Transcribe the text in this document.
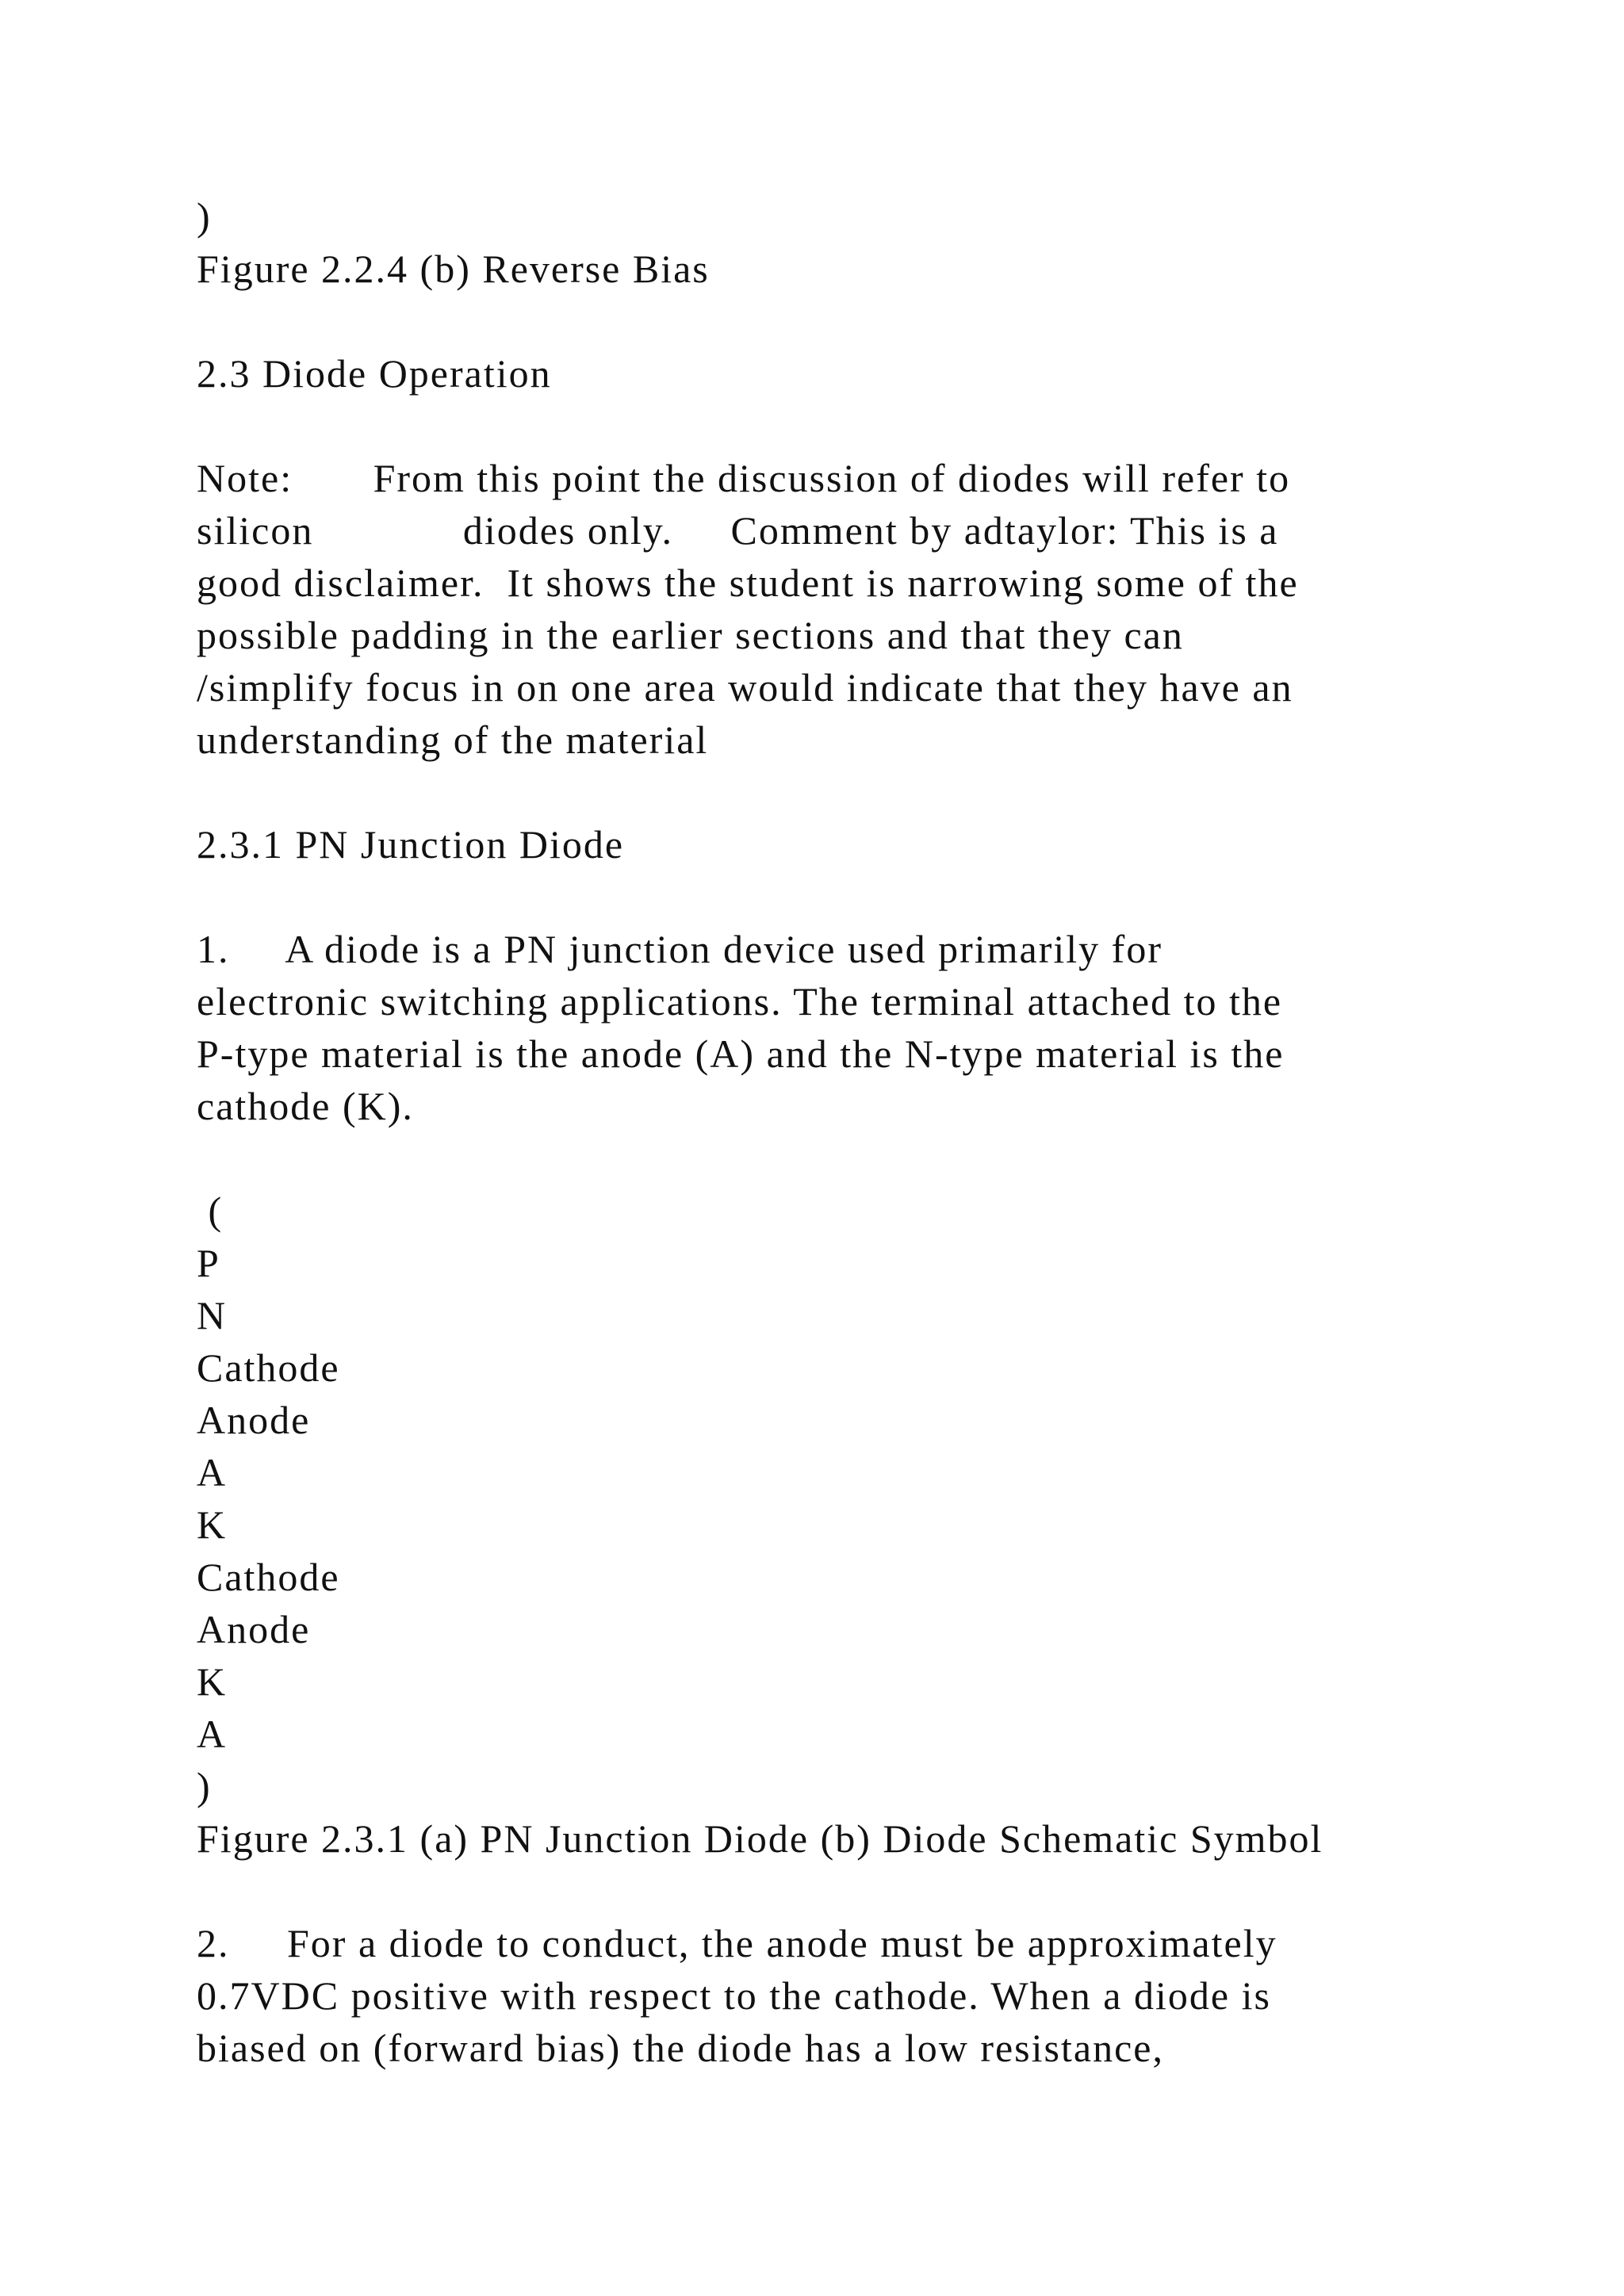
)
Figure 2.2.4 (b) Reverse Bias
2.3 Diode Operation
Note:       From this point the discussion of diodes will refer to
silicon             diodes only.     Comment by adtaylor: This is a
good disclaimer.  It shows the student is narrowing some of the
possible padding in the earlier sections and that they can
/simplify focus in on one area would indicate that they have an
understanding of the material
2.3.1 PN Junction Diode
1.     A diode is a PN junction device used primarily for
electronic switching applications. The terminal attached to the
P-type material is the anode (A) and the N-type material is the
cathode (K).
(
P
N
Cathode
Anode
A
K
Cathode
Anode
K
A
)
Figure 2.3.1 (a) PN Junction Diode (b) Diode Schematic Symbol
2.     For a diode to conduct, the anode must be approximately
0.7VDC positive with respect to the cathode. When a diode is
biased on (forward bias) the diode has a low resistance,
